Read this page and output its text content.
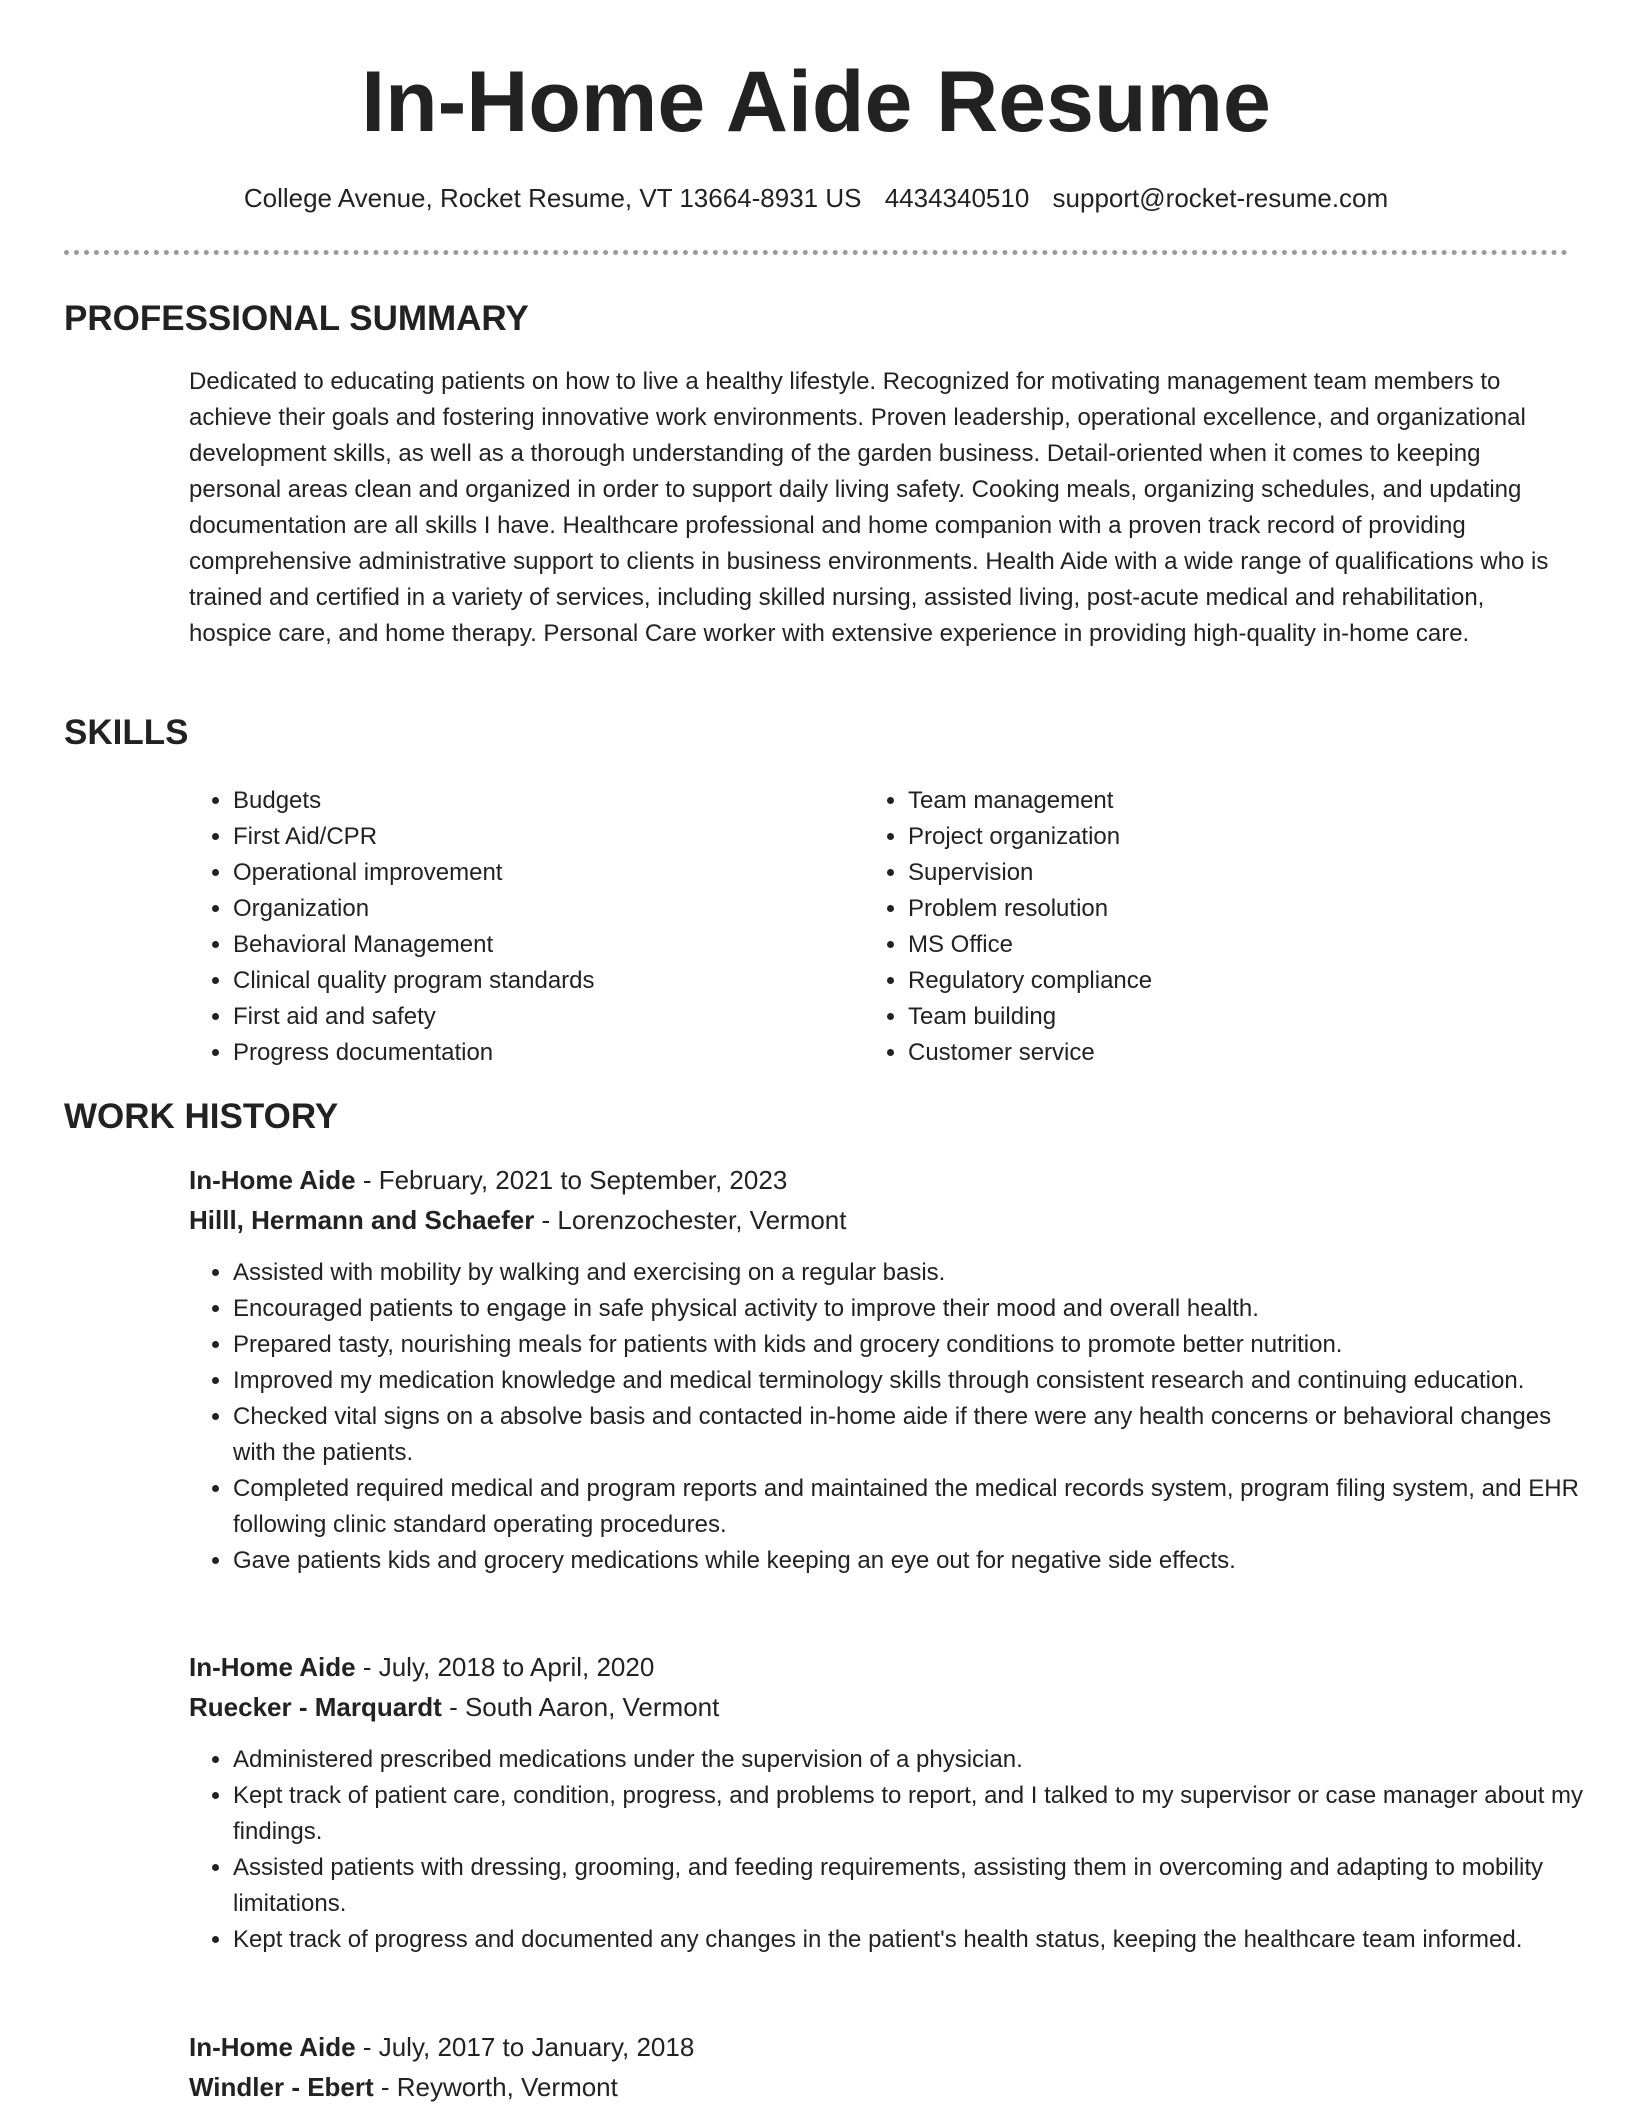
In-Home Aide Resume
College Avenue, Rocket Resume, VT 13664-8931 US 4434340510 support@rocket-resume.com
PROFESSIONAL SUMMARY

Dedicated to educating patients on how to live a healthy lifestyle. Recognized for motivating management team members to achieve their goals and fostering innovative work environments. Proven leadership, operational excellence, and organizational development skills, as well as a thorough understanding of the garden business. Detail-oriented when it comes to keeping personal areas clean and organized in order to support daily living safety. Cooking meals, organizing schedules, and updating documentation are all skills I have. Healthcare professional and home companion with a proven track record of providing comprehensive administrative support to clients in business environments. Health Aide with a wide range of qualifications who is trained and certified in a variety of services, including skilled nursing, assisted living, post-acute medical and rehabilitation, hospice care, and home therapy. Personal Care worker with extensive experience in providing high-quality in-home care.

SKILLS
• Budgets
• First Aid/CPR
• Operational improvement
• Organization
• Behavioral Management
• Clinical quality program standards
• First aid and safety
• Progress documentation
• Team management
• Project organization
• Supervision
• Problem resolution
• MS Office
• Regulatory compliance
• Team building
• Customer service
WORK HISTORY
In-Home Aide - February, 2021 to September, 2023
Hilll, Hermann and Schaefer - Lorenzochester, Vermont
• Assisted with mobility by walking and exercising on a regular basis.
• Encouraged patients to engage in safe physical activity to improve their mood and overall health.
• Prepared tasty, nourishing meals for patients with kids and grocery conditions to promote better nutrition.
• Improved my medication knowledge and medical terminology skills through consistent research and continuing education.
• Checked vital signs on a absolve basis and contacted in-home aide if there were any health concerns or behavioral changes with the patients.
• Completed required medical and program reports and maintained the medical records system, program filing system, and EHR following clinic standard operating procedures.
• Gave patients kids and grocery medications while keeping an eye out for negative side effects.
In-Home Aide - July, 2018 to April, 2020
Ruecker - Marquardt - South Aaron, Vermont
• Administered prescribed medications under the supervision of a physician.
• Kept track of patient care, condition, progress, and problems to report, and I talked to my supervisor or case manager about my findings.
• Assisted patients with dressing, grooming, and feeding requirements, assisting them in overcoming and adapting to mobility limitations.
• Kept track of progress and documented any changes in the patient's health status, keeping the healthcare team informed.
In-Home Aide - July, 2017 to January, 2018
Windler - Ebert - Reyworth, Vermont
